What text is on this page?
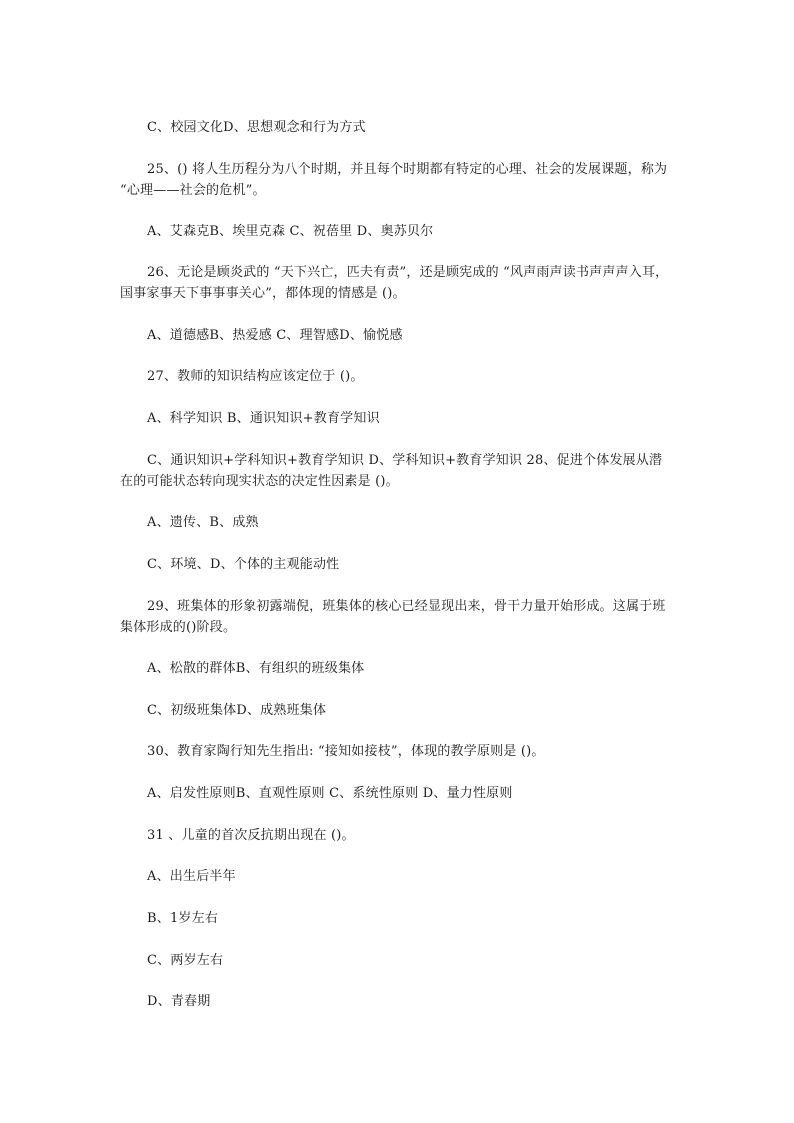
C、校园文化D、思想观念和行为方式
25、() 将人生历程分为八个时期，并且每个时期都有特定的心理、社会的发展课题，称为 “心理——社会的危机”。
A、艾森克B、埃里克森 C、祝蓓里 D、奥苏贝尔
26、无论是顾炎武的 “天下兴亡，匹夫有责”，还是顾宪成的 “风声雨声读书声声声入耳，国事家事天下事事事关心”，都体现的情感是 ()。
A、道德感B、热爱感 C、理智感D、愉悦感
27、教师的知识结构应该定位于 ()。
A、科学知识 B、通识知识+教育学知识
C、通识知识+学科知识+教育学知识 D、学科知识+教育学知识 28、促进个体发展从潜在的可能状态转向现实状态的决定性因素是 ()。
A、遗传、B、成熟
C、环境、D、个体的主观能动性
29、班集体的形象初露端倪，班集体的核心已经显现出来，骨干力量开始形成。这属于班集体形成的()阶段。
A、松散的群体B、有组织的班级集体
C、初级班集体D、成熟班集体
30、教育家陶行知先生指出: “接知如接枝”，体现的教学原则是 ()。
A、启发性原则B、直观性原则 C、系统性原则 D、量力性原则
31 、儿童的首次反抗期出现在 ()。
A、出生后半年
B、1岁左右
C、两岁左右
D、青春期
